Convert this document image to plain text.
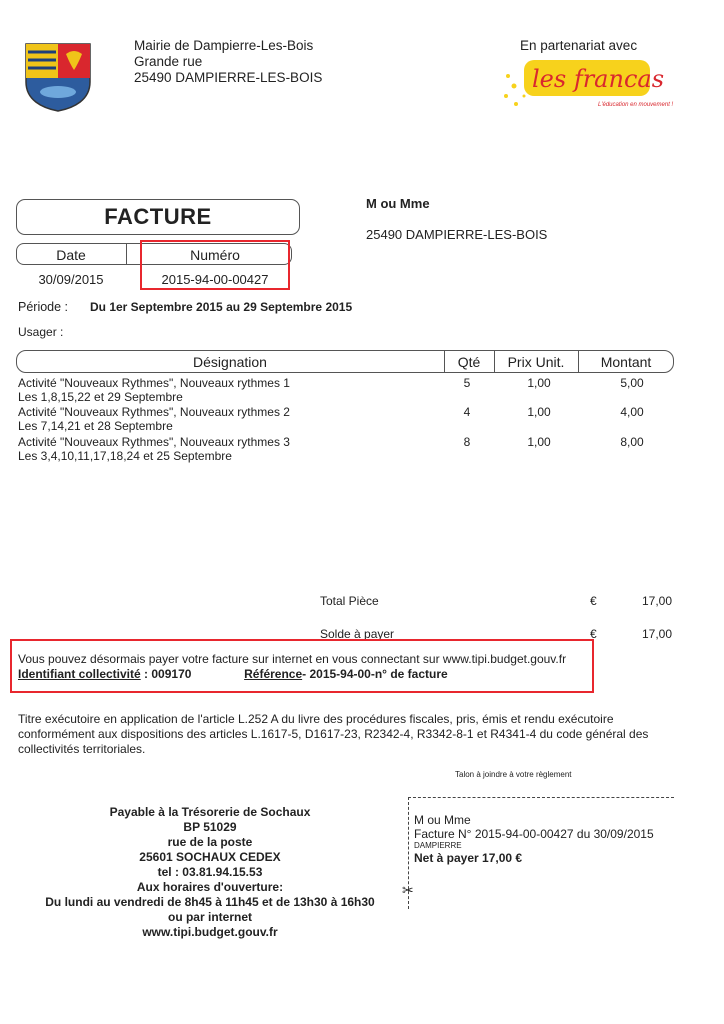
Mairie de Dampierre-Les-Bois
Grande rue
25490 DAMPIERRE-LES-BOIS
En partenariat avec
les francas
L'éducation en mouvement !
M ou Mme
25490 DAMPIERRE-LES-BOIS
FACTURE
Date	Numéro
30/09/2015	2015-94-00-00427
Période : Du 1er Septembre 2015 au 29 Septembre 2015
Usager :
Désignation	Qté	Prix Unit.	Montant
Activité "Nouveaux Rythmes", Nouveaux rythmes 1
Les 1,8,15,22 et 29 Septembre
5	1,00	5,00
Activité "Nouveaux Rythmes", Nouveaux rythmes 2
Les 7,14,21 et 28 Septembre
4	1,00	4,00
Activité "Nouveaux Rythmes", Nouveaux rythmes 3
Les 3,4,10,11,17,18,24 et 25 Septembre
8	1,00	8,00
Total Pièce	€	17,00
Solde à payer	€	17,00
Vous pouvez désormais payer votre facture sur internet en vous connectant sur www.tipi.budget.gouv.fr
Identifiant collectivité : 009170	Référence- 2015-94-00-n° de facture
Titre exécutoire en application de l'article L.252 A du livre des procédures fiscales, pris, émis et rendu exécutoire conformément aux dispositions des articles L.1617-5, D1617-23, R2342-4, R3342-8-1 et R4341-4 du code général des collectivités territoriales.
Talon à joindre à votre règlement
M ou Mme
Facture N° 2015-94-00-00427 du 30/09/2015
DAMPIERRE
Net à payer 17,00 €
✂
Payable à la Trésorerie de Sochaux
BP 51029
rue de la poste
25601 SOCHAUX CEDEX
tel : 03.81.94.15.53
Aux horaires d'ouverture:
Du lundi au vendredi de 8h45 à 11h45 et de 13h30 à 16h30
ou par internet
www.tipi.budget.gouv.fr
